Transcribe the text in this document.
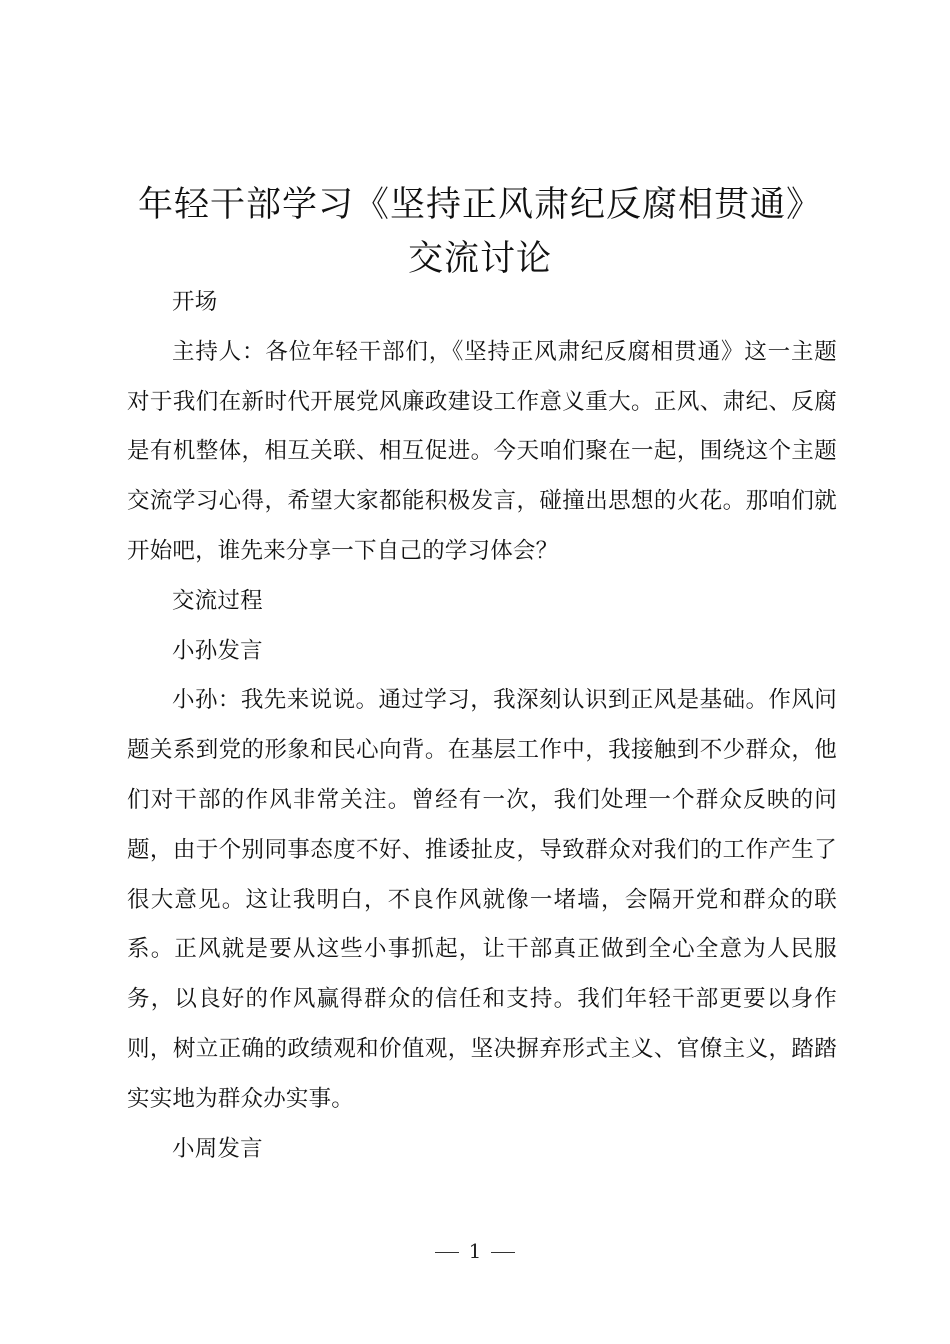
年轻干部学习《坚持正风肃纪反腐相贯通》交流讨论

开场

主持人：各位年轻干部们，《坚持正风肃纪反腐相贯通》这一主题对于我们在新时代开展党风廉政建设工作意义重大。正风、肃纪、反腐是有机整体，相互关联、相互促进。今天咱们聚在一起，围绕这个主题交流学习心得，希望大家都能积极发言，碰撞出思想的火花。那咱们就开始吧，谁先来分享一下自己的学习体会？

交流过程

小孙发言

小孙：我先来说说。通过学习，我深刻认识到正风是基础。作风问题关系到党的形象和民心向背。在基层工作中，我接触到不少群众，他们对干部的作风非常关注。曾经有一次，我们处理一个群众反映的问题，由于个别同事态度不好、推诿扯皮，导致群众对我们的工作产生了很大意见。这让我明白，不良作风就像一堵墙，会隔开党和群众的联系。正风就是要从这些小事抓起，让干部真正做到全心全意为人民服务，以良好的作风赢得群众的信任和支持。我们年轻干部更要以身作则，树立正确的政绩观和价值观，坚决摒弃形式主义、官僚主义，踏踏实实地为群众办实事。

小周发言

1
